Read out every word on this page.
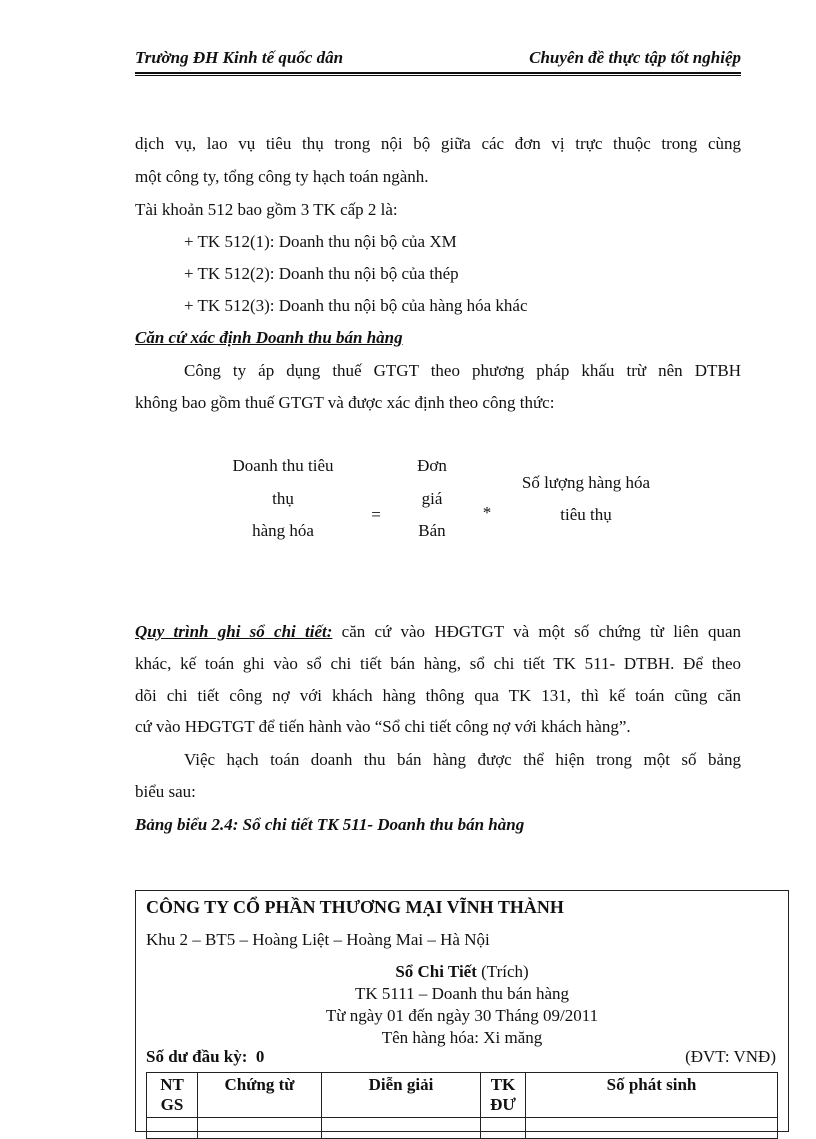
Trường ĐH Kinh tế quốc dân	Chuyên đề thực tập tốt nghiệp
dịch vụ, lao vụ tiêu thụ trong nội bộ giữa các đơn vị trực thuộc trong cùng
một công ty, tổng công ty hạch toán ngành.
Tài khoản 512 bao gồm 3 TK cấp 2 là:
+ TK 512(1): Doanh thu nội bộ của XM
+ TK 512(2): Doanh thu nội bộ của thép
+ TK 512(3): Doanh thu nội bộ của hàng hóa khác
Căn cứ xác định Doanh thu bán hàng
Công ty áp dụng thuế GTGT theo phương pháp khấu trừ nên DTBH
không bao gồm thuế GTGT và được xác định theo công thức:
Doanh thu tiêu
thụ
hàng hóa
=
Đơn
giá
Bán
*
Số lượng hàng hóa
tiêu thụ
Quy trình ghi sổ chi tiết: căn cứ vào HĐGTGT và một số chứng từ liên quan
khác, kế toán ghi vào sổ chi tiết bán hàng, sổ chi tiết TK 511- DTBH. Để theo
dõi chi tiết công nợ với khách hàng thông qua TK 131, thì kế toán cũng căn
cứ vào HĐGTGT để tiến hành vào “Sổ chi tiết công nợ với khách hàng”.
Việc hạch toán doanh thu bán hàng được thể hiện trong một số bảng
biểu sau:
Bảng biểu 2.4: Sổ chi tiết TK 511- Doanh thu bán hàng
CÔNG TY CỔ PHẦN THƯƠNG MẠI VĨNH THÀNH
Khu 2 – BT5 – Hoàng Liệt – Hoàng Mai – Hà Nội
Sổ Chi Tiết (Trích)
TK 5111 – Doanh thu bán hàng
Từ ngày 01 đến ngày 30 Tháng 09/2011
Tên hàng hóa: Xi măng
Số dư đầu kỳ: 0	(ĐVT: VNĐ)
NT GS	Chứng từ	Diễn giải	TK ĐƯ	Số phát sinh
